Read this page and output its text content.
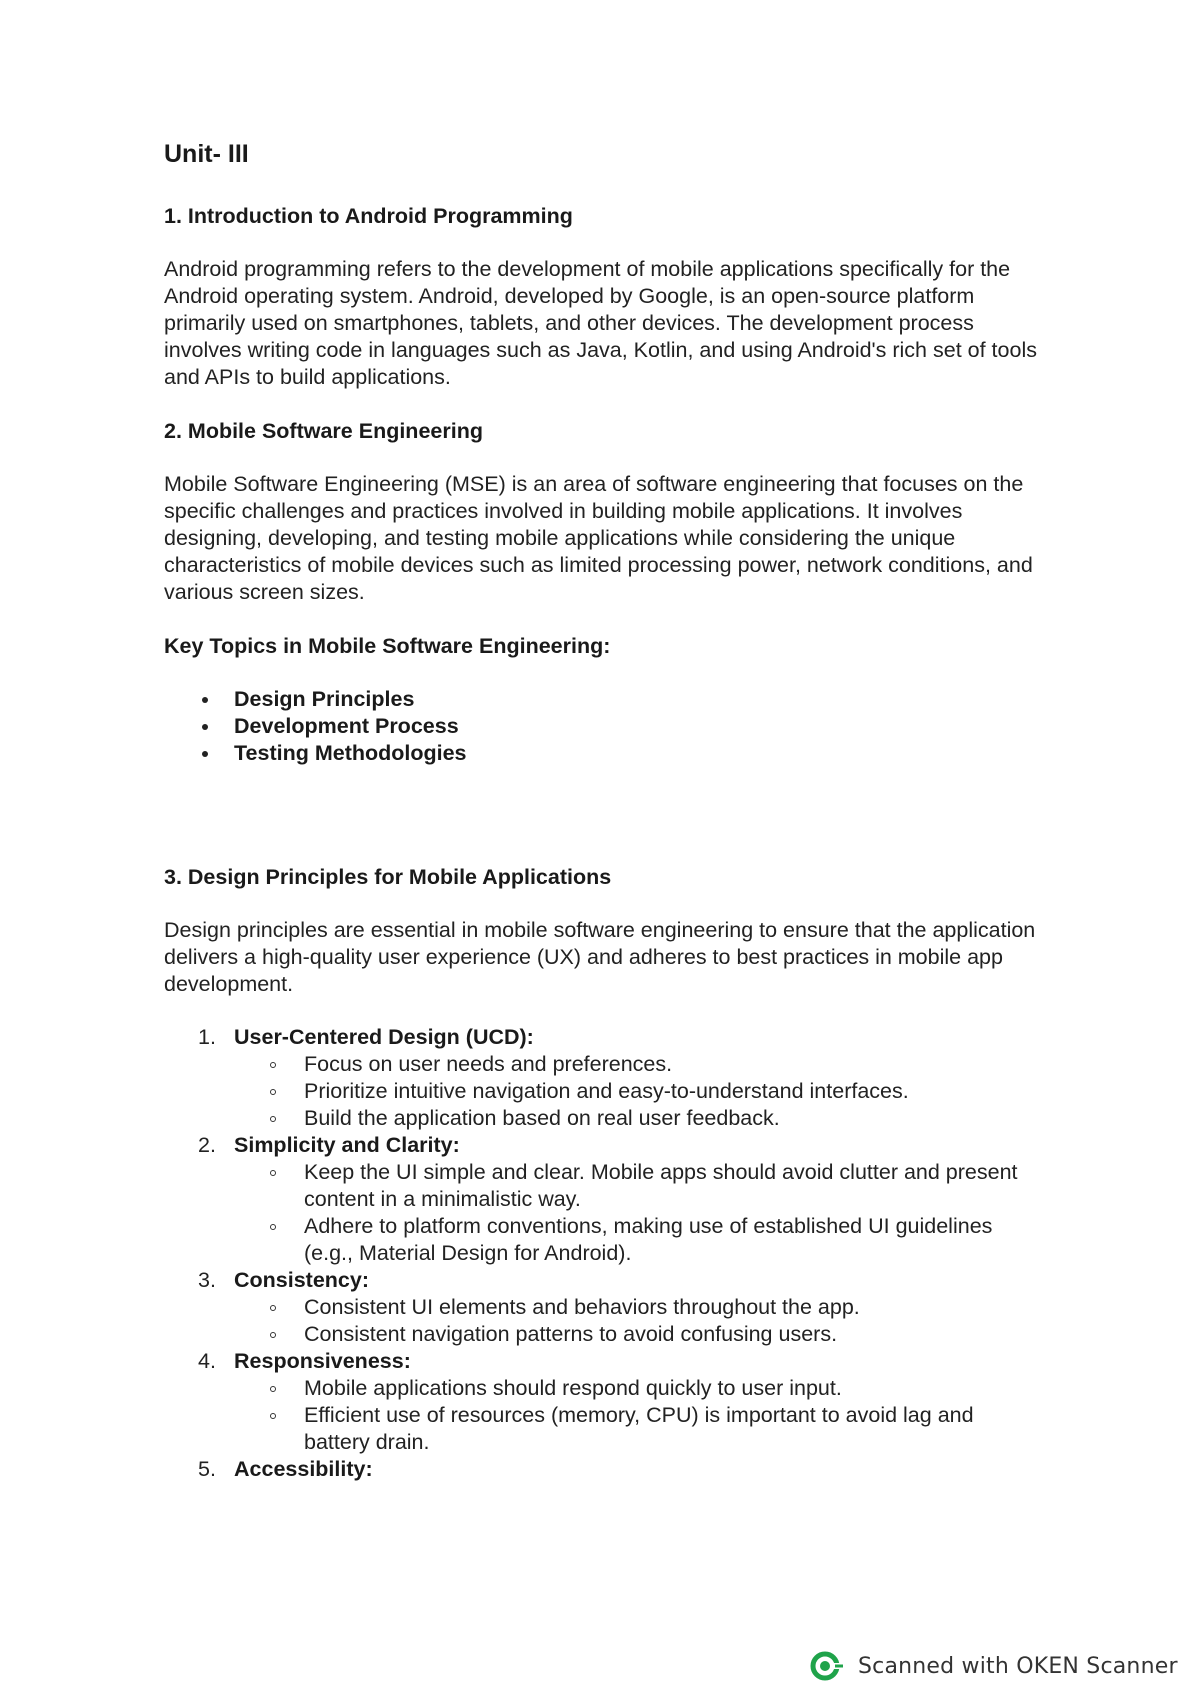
Unit- III
1. Introduction to Android Programming

Android programming refers to the development of mobile applications specifically for the Android operating system. Android, developed by Google, is an open-source platform primarily used on smartphones, tablets, and other devices. The development process involves writing code in languages such as Java, Kotlin, and using Android's rich set of tools and APIs to build applications.

2. Mobile Software Engineering

Mobile Software Engineering (MSE) is an area of software engineering that focuses on the specific challenges and practices involved in building mobile applications. It involves designing, developing, and testing mobile applications while considering the unique characteristics of mobile devices such as limited processing power, network conditions, and various screen sizes.

Key Topics in Mobile Software Engineering:
Design Principles
Development Process
Testing Methodologies
3. Design Principles for Mobile Applications

Design principles are essential in mobile software engineering to ensure that the application delivers a high-quality user experience (UX) and adheres to best practices in mobile app development.

1. User-Centered Design (UCD):
Focus on user needs and preferences.
Prioritize intuitive navigation and easy-to-understand interfaces.
Build the application based on real user feedback.
2. Simplicity and Clarity:
Keep the UI simple and clear. Mobile apps should avoid clutter and present content in a minimalistic way.
Adhere to platform conventions, making use of established UI guidelines (e.g., Material Design for Android).
3. Consistency:
Consistent UI elements and behaviors throughout the app.
Consistent navigation patterns to avoid confusing users.
4. Responsiveness:
Mobile applications should respond quickly to user input.
Efficient use of resources (memory, CPU) is important to avoid lag and battery drain.
5. Accessibility:
Scanned with OKEN Scanner
